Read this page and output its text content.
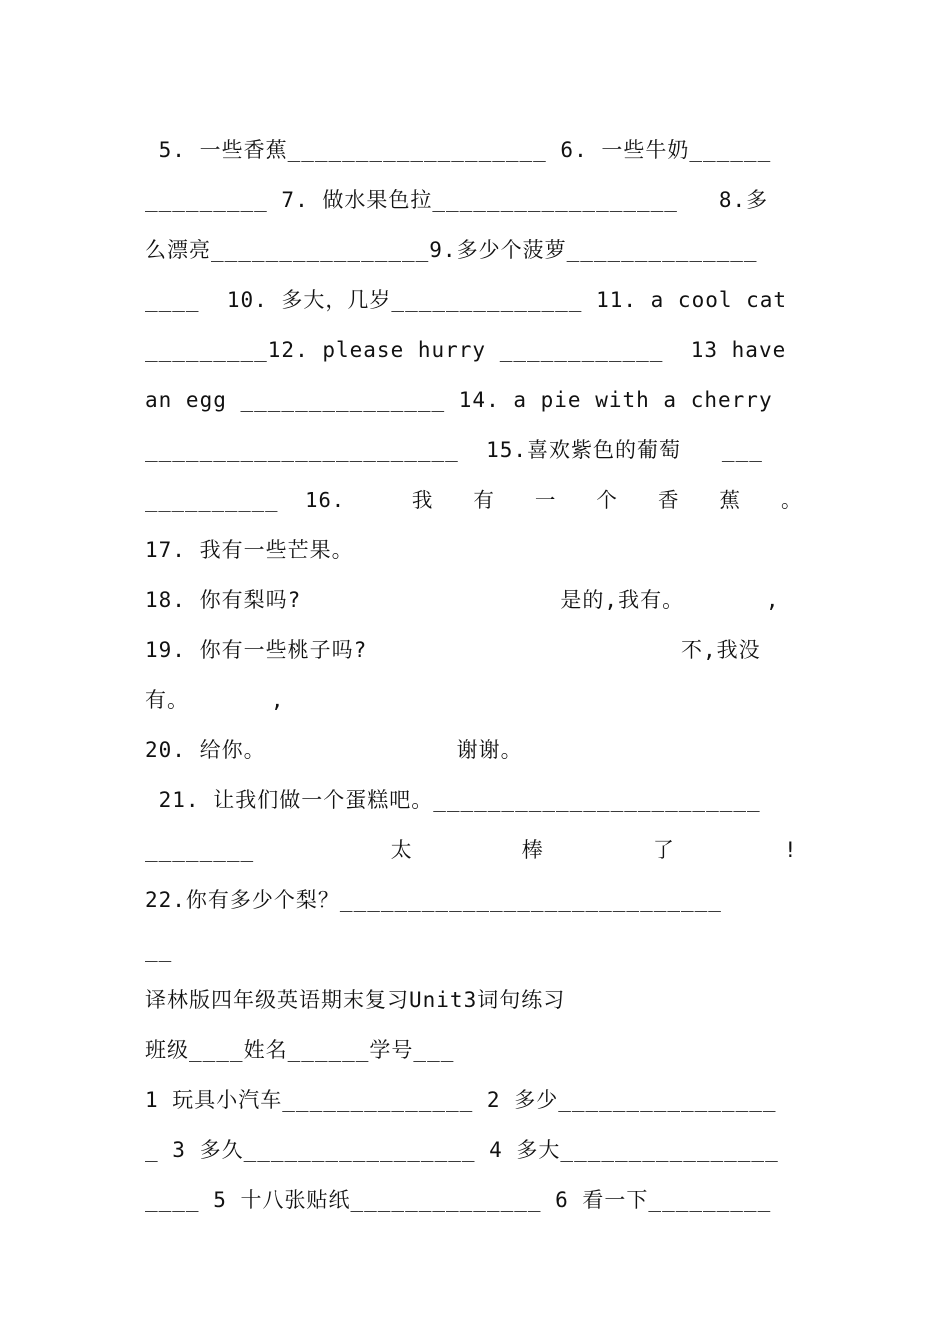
5. 一些香蕉___________________ 6. 一些牛奶______
_________ 7. 做水果色拉__________________   8.多
么漂亮________________9.多少个菠萝______________
____  10. 多大，几岁______________ 11. a cool cat
_________12. please hurry ____________  13 have
an egg _______________ 14. a pie with a cherry
_______________________  15.喜欢紫色的葡萄   ___
__________  16.     我   有   一   个   香   蕉   。
17. 我有一些芒果。
18. 你有梨吗?                   是的,我有。      ,
19. 你有一些桃子吗?                       不,我没
有。      ,
20. 给你。              谢谢。
21. 让我们做一个蛋糕吧。________________________
________          太        棒        了        !
22.你有多少个梨？____________________________
__
译林版四年级英语期末复习Unit3词句练习
班级____姓名______学号___
1 玩具小汽车______________ 2 多少________________
_ 3 多久_________________ 4 多大________________
____ 5 十八张贴纸______________ 6 看一下_________
